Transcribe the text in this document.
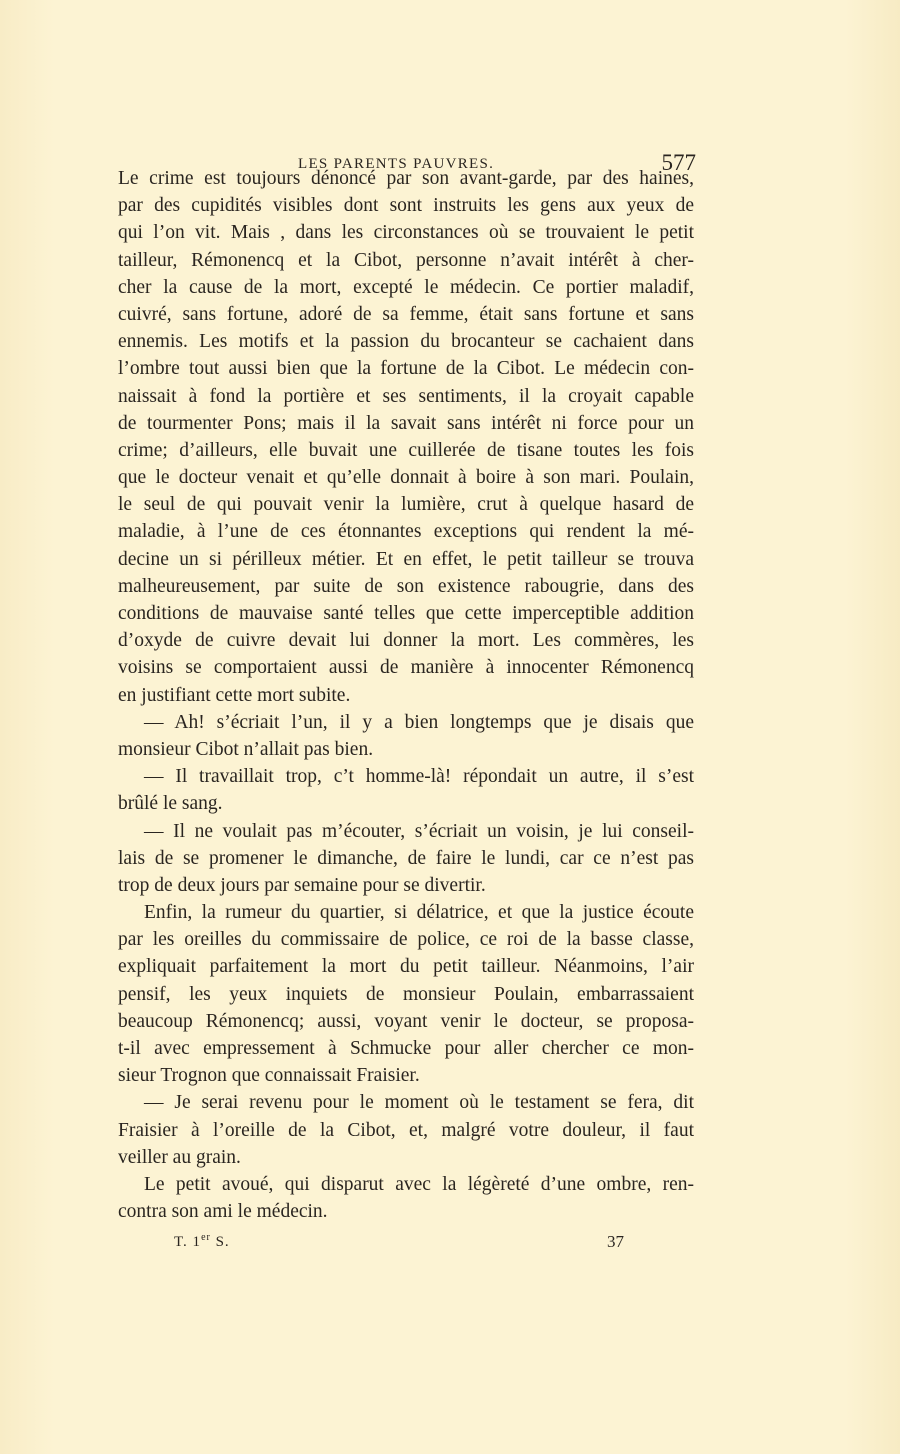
LES PARENTS PAUVRES.	577
Le crime est toujours dénoncé par son avant-garde, par des haines,
par des cupidités visibles dont sont instruits les gens aux yeux de
qui l’on vit. Mais , dans les circonstances où se trouvaient le petit
tailleur, Rémonencq et la Cibot, personne n’avait intérêt à cher-
cher la cause de la mort, excepté le médecin. Ce portier maladif,
cuivré, sans fortune, adoré de sa femme, était sans fortune et sans
ennemis. Les motifs et la passion du brocanteur se cachaient dans
l’ombre tout aussi bien que la fortune de la Cibot. Le médecin con-
naissait à fond la portière et ses sentiments, il la croyait capable
de tourmenter Pons; mais il la savait sans intérêt ni force pour un
crime; d’ailleurs, elle buvait une cuillerée de tisane toutes les fois
que le docteur venait et qu’elle donnait à boire à son mari. Poulain,
le seul de qui pouvait venir la lumière, crut à quelque hasard de
maladie, à l’une de ces étonnantes exceptions qui rendent la mé-
decine un si périlleux métier. Et en effet, le petit tailleur se trouva
malheureusement, par suite de son existence rabougrie, dans des
conditions de mauvaise santé telles que cette imperceptible addition
d’oxyde de cuivre devait lui donner la mort. Les commères, les
voisins se comportaient aussi de manière à innocenter Rémonencq
en justifiant cette mort subite.
— Ah! s’écriait l’un, il y a bien longtemps que je disais que
monsieur Cibot n’allait pas bien.
— Il travaillait trop, c’t homme-là! répondait un autre, il s’est
brûlé le sang.
— Il ne voulait pas m’écouter, s’écriait un voisin, je lui conseil-
lais de se promener le dimanche, de faire le lundi, car ce n’est pas
trop de deux jours par semaine pour se divertir.
Enfin, la rumeur du quartier, si délatrice, et que la justice écoute
par les oreilles du commissaire de police, ce roi de la basse classe,
expliquait parfaitement la mort du petit tailleur. Néanmoins, l’air
pensif, les yeux inquiets de monsieur Poulain, embarrassaient
beaucoup Rémonencq; aussi, voyant venir le docteur, se proposa-
t-il avec empressement à Schmucke pour aller chercher ce mon-
sieur Trognon que connaissait Fraisier.
— Je serai revenu pour le moment où le testament se fera, dit
Fraisier à l’oreille de la Cibot, et, malgré votre douleur, il faut
veiller au grain.
Le petit avoué, qui disparut avec la légèreté d’une ombre, ren-
contra son ami le médecin.
T. 1er S.	37
